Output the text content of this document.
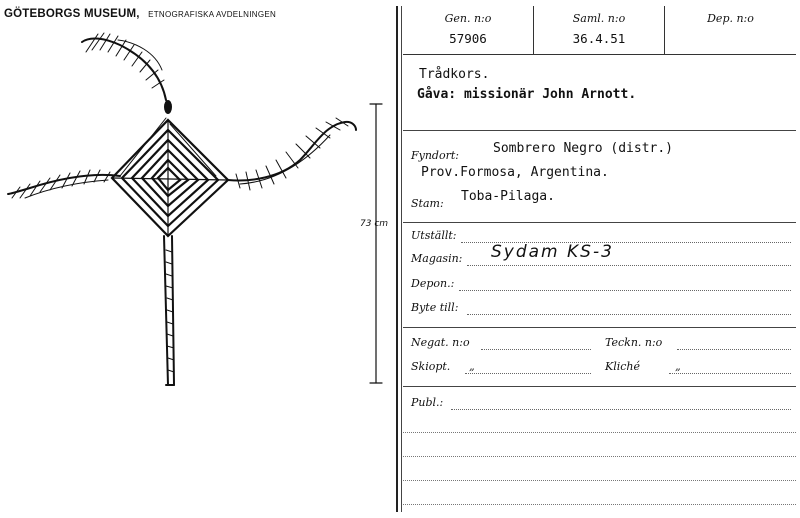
GÖTEBORGS MUSEUM, ETNOGRAFISKA AVDELNINGEN
73 cm
Gen. n:o
57906
Saml. n:o
36.4.51
Dep. n:o
Trådkors.
Gåva: missionär John Arnott.
Fyndort:	Sombrero Negro (distr.)
Prov.Formosa, Argentina.
Stam: Toba-Pilaga.
Utställt:
Magasin: Sydam KS-3
Depon.:
Byte till:
Negat. n:o	Teckn. n:o
Skiopt. „	Kliché	„
Publ.:
